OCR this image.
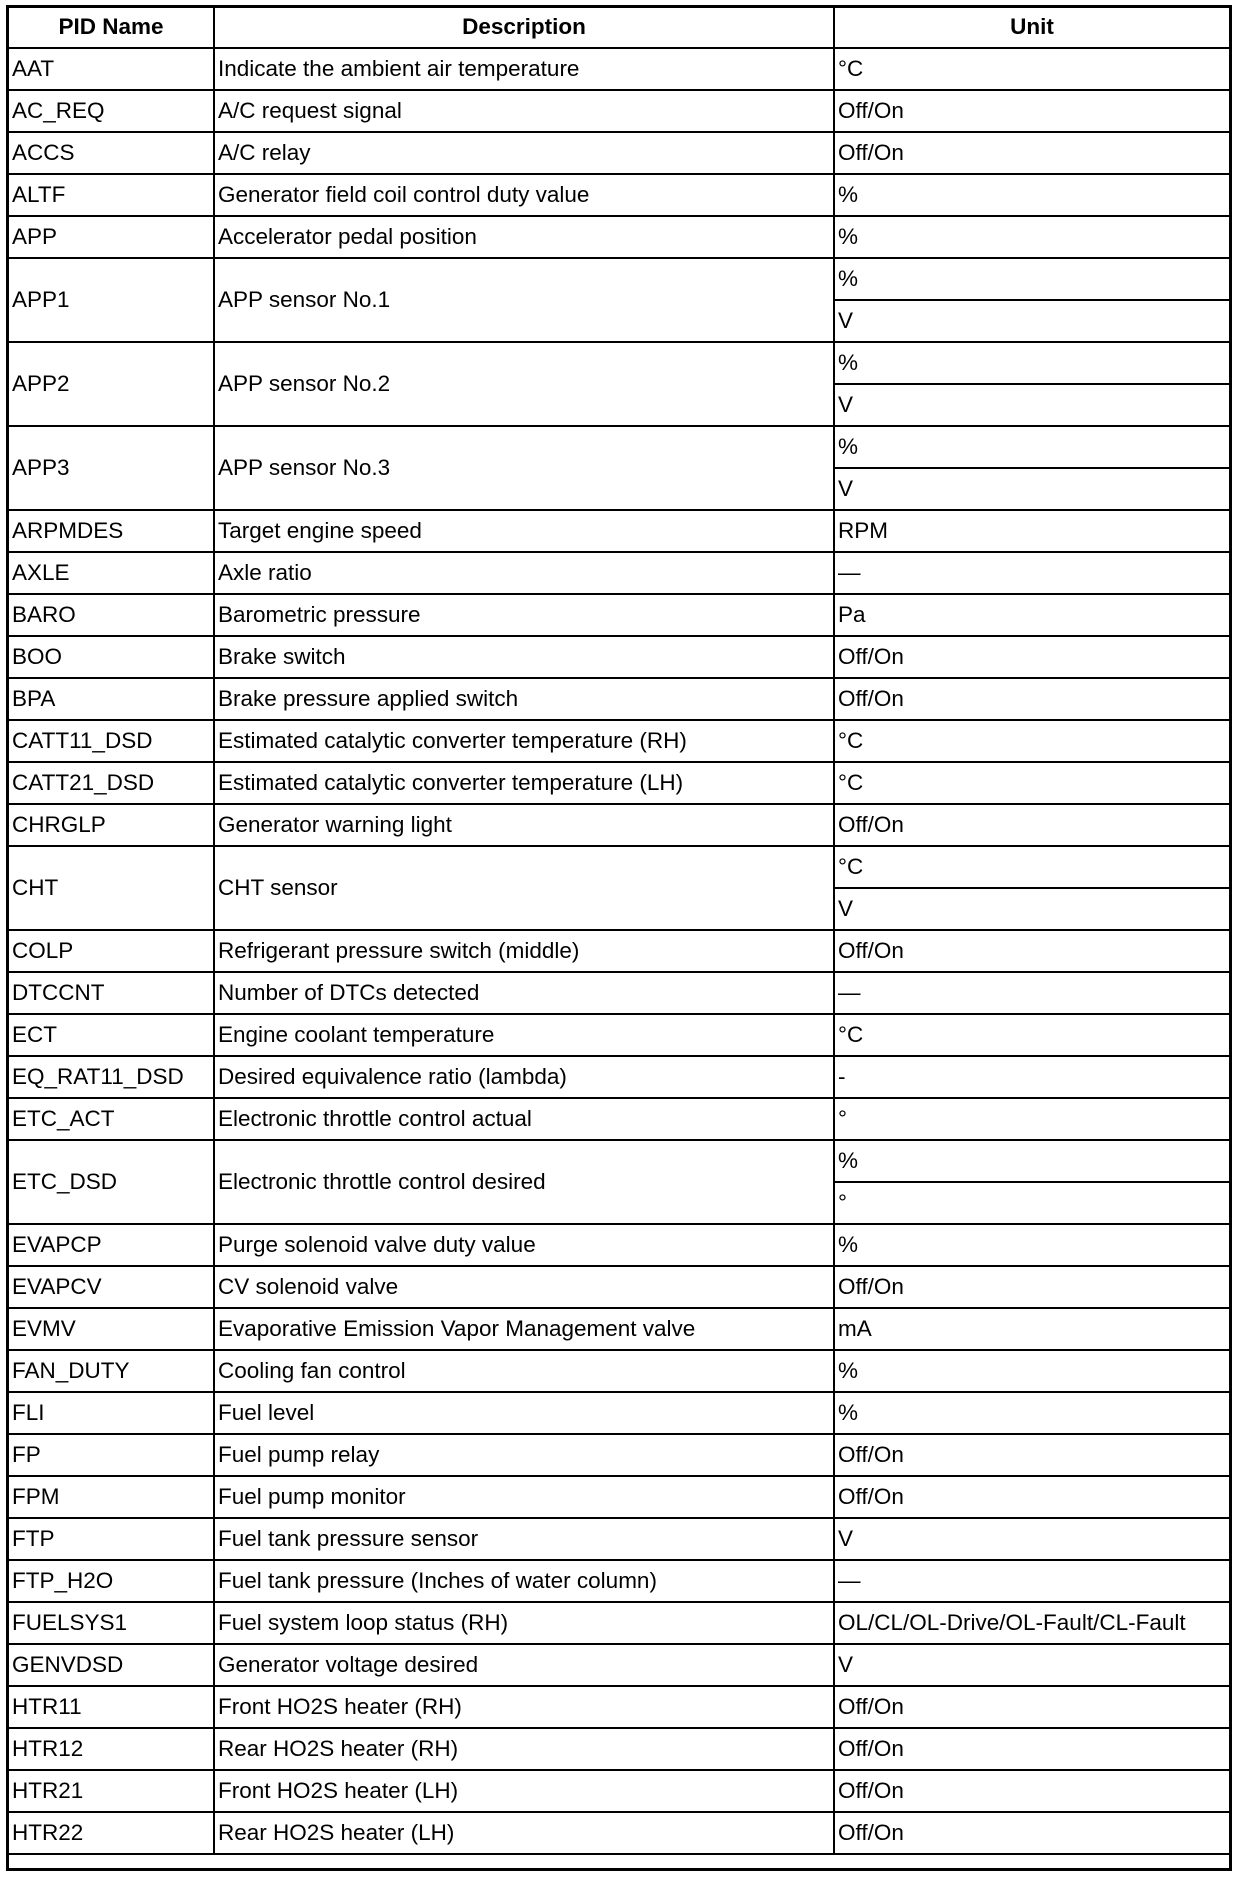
PID Name	Description	Unit
AAT	Indicate the ambient air temperature	°C
AC_REQ	A/C request signal	Off/On
ACCS	A/C relay	Off/On
ALTF	Generator field coil control duty value	%
APP	Accelerator pedal position	%
APP1	APP sensor No.1	%
		V
APP2	APP sensor No.2	%
		V
APP3	APP sensor No.3	%
		V
ARPMDES	Target engine speed	RPM
AXLE	Axle ratio	—
BARO	Barometric pressure	Pa
BOO	Brake switch	Off/On
BPA	Brake pressure applied switch	Off/On
CATT11_DSD	Estimated catalytic converter temperature (RH)	°C
CATT21_DSD	Estimated catalytic converter temperature (LH)	°C
CHRGLP	Generator warning light	Off/On
CHT	CHT sensor	°C
		V
COLP	Refrigerant pressure switch (middle)	Off/On
DTCCNT	Number of DTCs detected	—
ECT	Engine coolant temperature	°C
EQ_RAT11_DSD	Desired equivalence ratio (lambda)	-
ETC_ACT	Electronic throttle control actual	°
ETC_DSD	Electronic throttle control desired	%
		°
EVAPCP	Purge solenoid valve duty value	%
EVAPCV	CV solenoid valve	Off/On
EVMV	Evaporative Emission Vapor Management valve	mA
FAN_DUTY	Cooling fan control	%
FLI	Fuel level	%
FP	Fuel pump relay	Off/On
FPM	Fuel pump monitor	Off/On
FTP	Fuel tank pressure sensor	V
FTP_H2O	Fuel tank pressure (Inches of water column)	—
FUELSYS1	Fuel system loop status (RH)	OL/CL/OL-Drive/OL-Fault/CL-Fault
GENVDSD	Generator voltage desired	V
HTR11	Front HO2S heater (RH)	Off/On
HTR12	Rear HO2S heater (RH)	Off/On
HTR21	Front HO2S heater (LH)	Off/On
HTR22	Rear HO2S heater (LH)	Off/On
